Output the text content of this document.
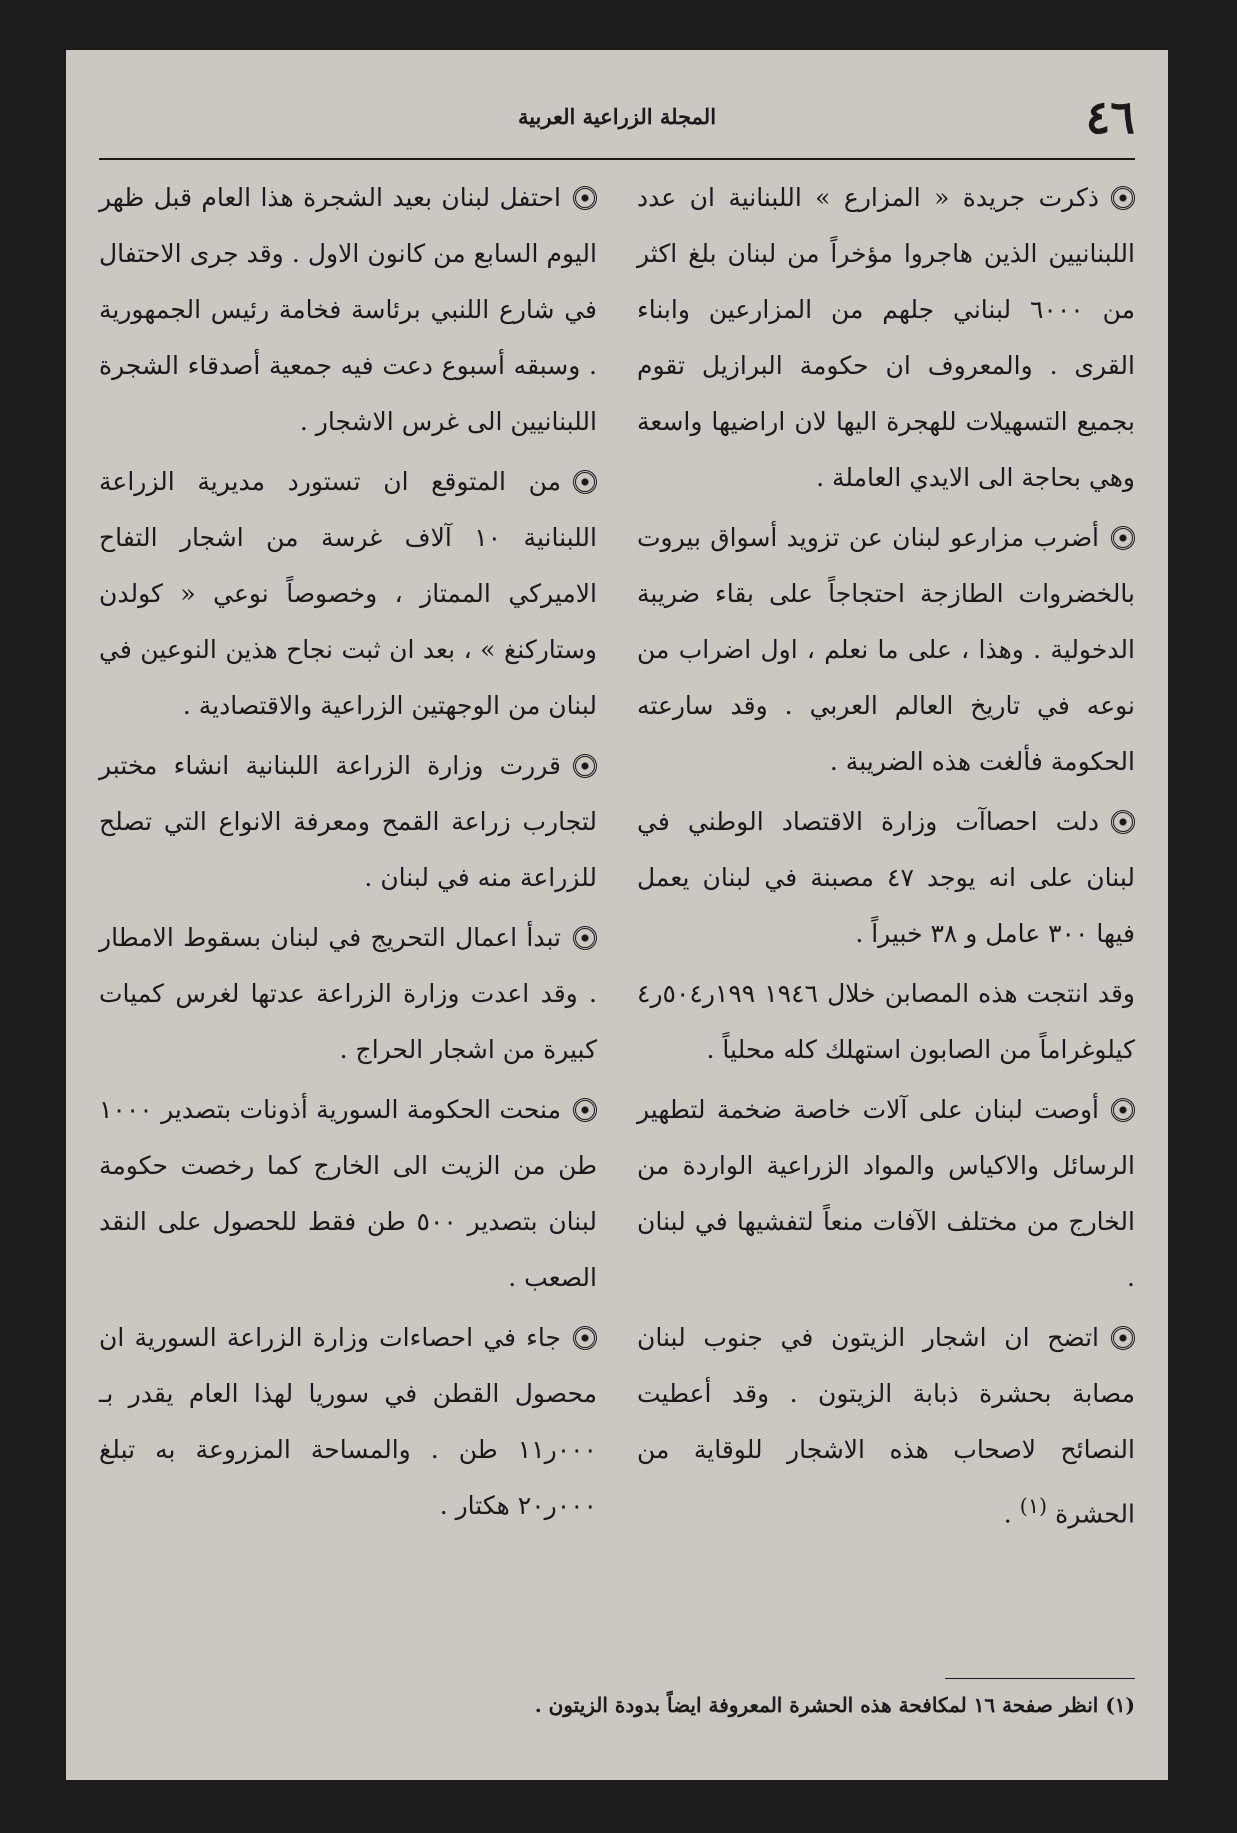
٤٦
المجلة الزراعية العربية

ذكرت جريدة « المزارع » اللبنانية ان عدد اللبنانيين الذين هاجروا مؤخراً من لبنان بلغ اكثر من ٦٠٠٠ لبناني جلهم من المزارعين وابناء القرى . والمعروف ان حكومة البرازيل تقوم بجميع التسهيلات للهجرة اليها لان اراضيها واسعة وهي بحاجة الى الايدي العاملة .

أضرب مزارعو لبنان عن تزويد أسواق بيروت بالخضروات الطازجة احتجاجاً على بقاء ضريبة الدخولية . وهذا ، على ما نعلم ، اول اضراب من نوعه في تاريخ العالم العربي . وقد سارعته الحكومة فألغت هذه الضريبة .

دلت احصاآت وزارة الاقتصاد الوطني في لبنان على انه يوجد ٤٧ مصبنة في لبنان يعمل فيها ٣٠٠ عامل و ٣٨ خبيراً .

وقد انتجت هذه المصابن خلال ١٩٤٦ ١٩٩ر٥٠٤ر٤ كيلوغراماً من الصابون استهلك كله محلياً .

أوصت لبنان على آلات خاصة ضخمة لتطهير الرسائل والاكياس والمواد الزراعية الواردة من الخارج من مختلف الآفات منعاً لتفشيها في لبنان .

اتضح ان اشجار الزيتون في جنوب لبنان مصابة بحشرة ذبابة الزيتون . وقد أعطيت النصائح لاصحاب هذه الاشجار للوقاية من الحشرة $^{(١)}$ .

احتفل لبنان بعيد الشجرة هذا العام قبل ظهر اليوم السابع من كانون الاول . وقد جرى الاحتفال في شارع اللنبي برئاسة فخامة رئيس الجمهورية . وسبقه أسبوع دعت فيه جمعية أصدقاء الشجرة اللبنانيين الى غرس الاشجار .

من المتوقع ان تستورد مديرية الزراعة اللبنانية ١٠ آلاف غرسة من اشجار التفاح الاميركي الممتاز ، وخصوصاً نوعي « كولدن وستاركنغ » ، بعد ان ثبت نجاح هذين النوعين في لبنان من الوجهتين الزراعية والاقتصادية .

قررت وزارة الزراعة اللبنانية انشاء مختبر لتجارب زراعة القمح ومعرفة الانواع التي تصلح للزراعة منه في لبنان .

تبدأ اعمال التحريج في لبنان بسقوط الامطار . وقد اعدت وزارة الزراعة عدتها لغرس كميات كبيرة من اشجار الحراج .

منحت الحكومة السورية أذونات بتصدير ١٠٠٠ طن من الزيت الى الخارج كما رخصت حكومة لبنان بتصدير ٥٠٠ طن فقط للحصول على النقد الصعب .

جاء في احصاءات وزارة الزراعة السورية ان محصول القطن في سوريا لهذا العام يقدر بـ ٠٠٠ر١١ طن . والمساحة المزروعة به تبلغ ٠٠٠ر٢٠ هكتار .

(١) انظر صفحة ١٦ لمكافحة هذه الحشرة المعروفة ايضاً بدودة الزيتون .
